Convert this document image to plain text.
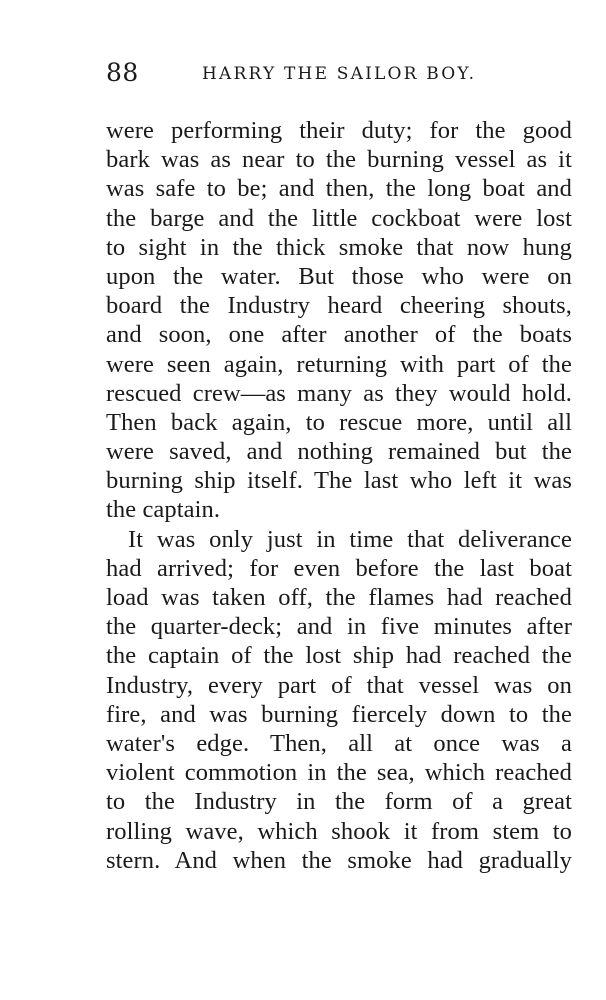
88	HARRY THE SAILOR BOY.
were performing their duty; for the good
bark was as near to the burning vessel as it
was safe to be; and then, the long boat and
the barge and the little cockboat were lost
to sight in the thick smoke that now hung
upon the water. But those who were on
board the Industry heard cheering shouts,
and soon, one after another of the boats
were seen again, returning with part of the
rescued crew—as many as they would hold.
Then back again, to rescue more, until all
were saved, and nothing remained but the
burning ship itself. The last who left it was
the captain.
It was only just in time that deliverance
had arrived; for even before the last boat
load was taken off, the flames had reached
the quarter-deck; and in five minutes after
the captain of the lost ship had reached the
Industry, every part of that vessel was on
fire, and was burning fiercely down to the
water's edge. Then, all at once was a
violent commotion in the sea, which reached
to the Industry in the form of a great
rolling wave, which shook it from stem to
stern. And when the smoke had gradually
